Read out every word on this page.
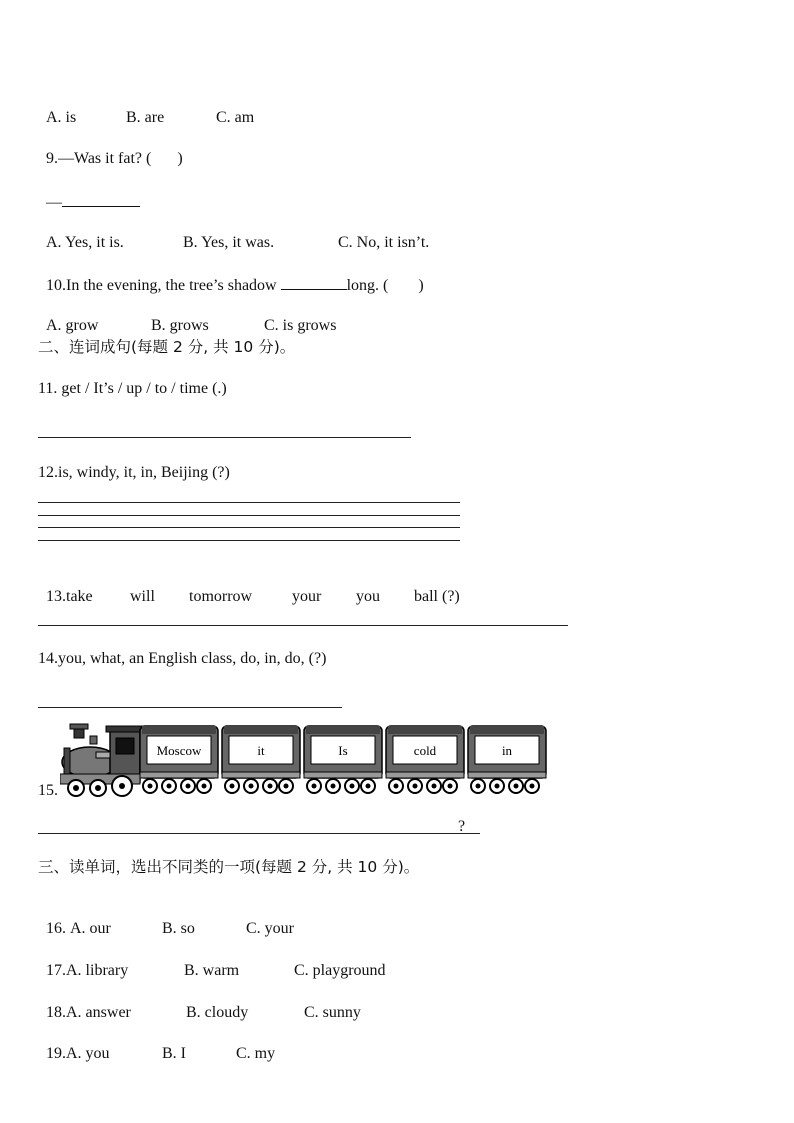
A. is	B. are	C. am

9.—Was it fat? ( )

—

A. Yes, it is.	B. Yes, it was.	C. No, it isn’t.

10.In the evening, the tree’s shadow	long. ( )

A. grow	B. grows	C. is grows

二、连词成句(每题 2 分, 共 10 分)。
11. get / It’s / up / to / time (.)
12.is, windy, it, in, Beijing (?)

13.take will tomorrow your you ball (?)

14.you, what, an English class, do, in, do, (?)
15.
Moscow	it	Is	cold	in
?
三、读单词，选出不同类的一项(每题 2 分, 共 10 分)。

16. A. our	B. so	C. your

17.A. library	B. warm	C. playground

18.A. answer	B. cloudy	C. sunny

19.A. you	B. I	C. my
